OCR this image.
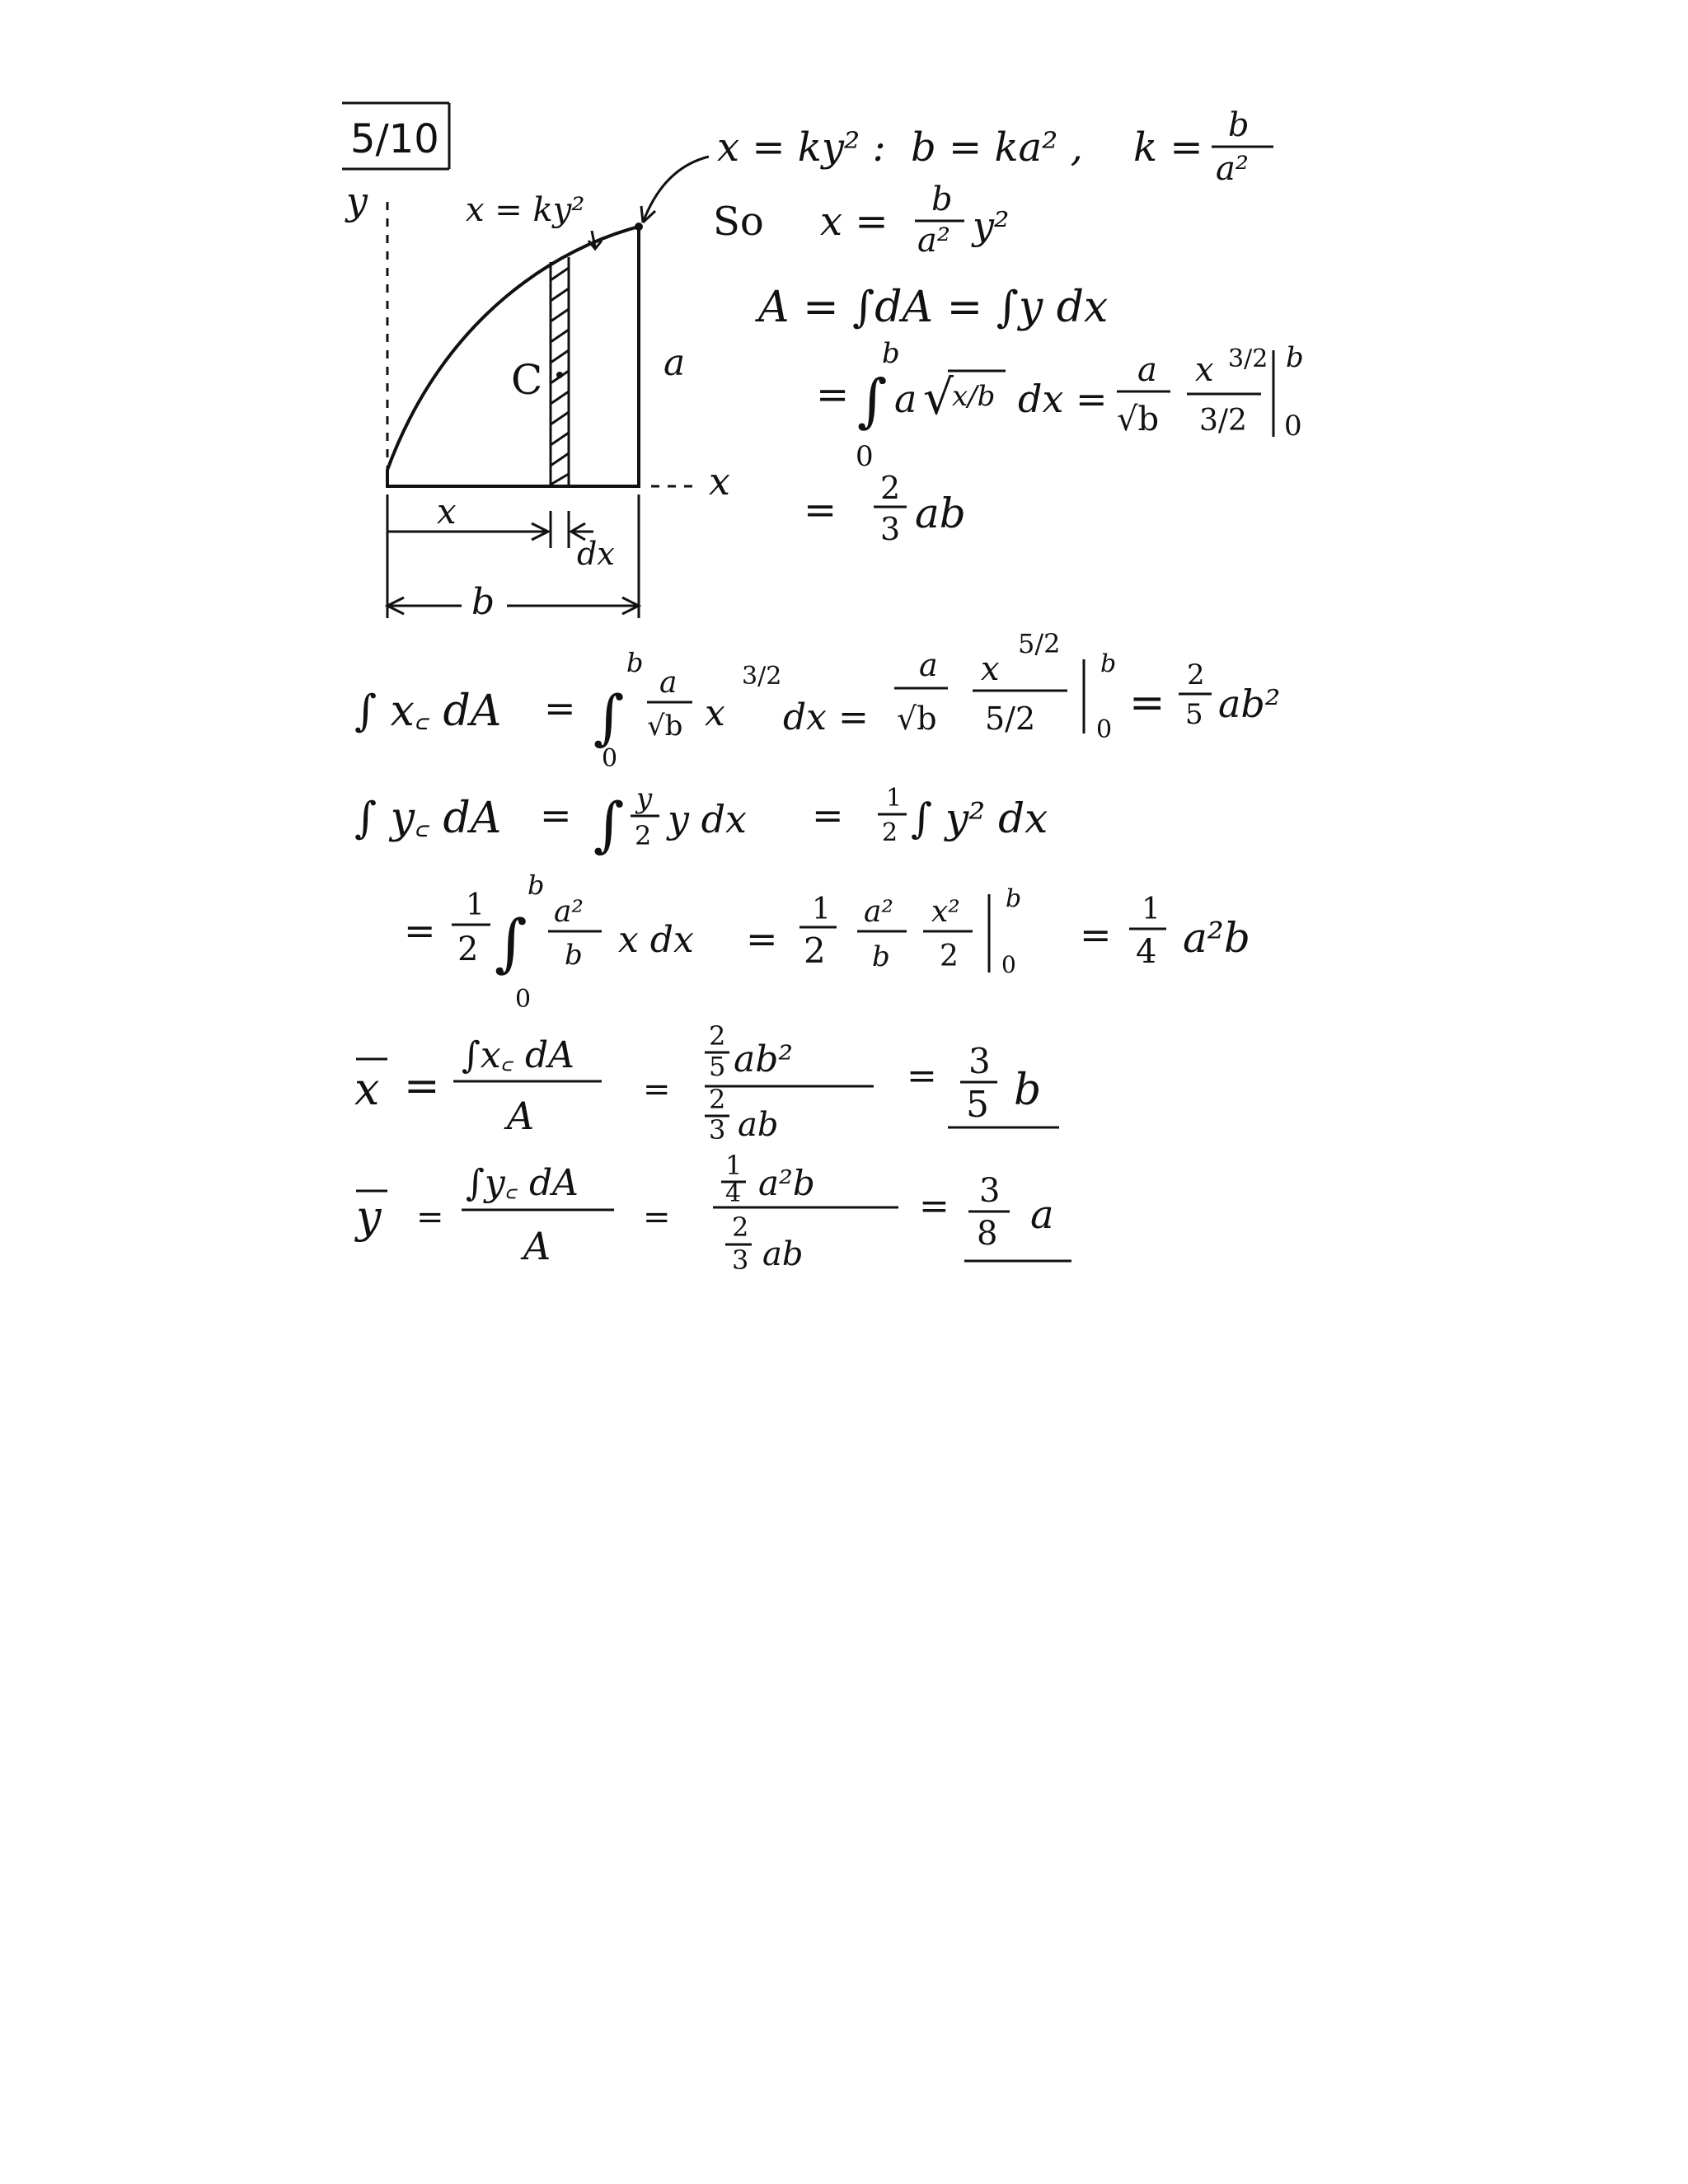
5/10
y	x = ky²
C	a
x
x
dx
b
x = ky² : b = ka² , k = b
a²
So x = b
a² y²
A = ∫dA = ∫y dx
= ∫
b
0
a √
x/b dx =
a
√b
x 3/2
3/2
b
0
= 2
3 ab
∫ x꜀ dA = ∫
b
0
a
√b x
3/2
dx =
a
√b
x
5/2
5/2
b
0
=
2
5 ab²
∫ y꜀ dA = ∫ y
2 y dx = 1
2 ∫ y² dx
=
1
2 ∫
b
0
a²
b x dx =
1
2
a²
b
x²
2
b
0
=
1
4 a²b
x =
∫x꜀ dA
A
=
2
5 ab²
2
3 ab
= 3
5 b
y =
∫y꜀ dA
A
=
1
4 a²b
2
3 ab
= 3
8 a
